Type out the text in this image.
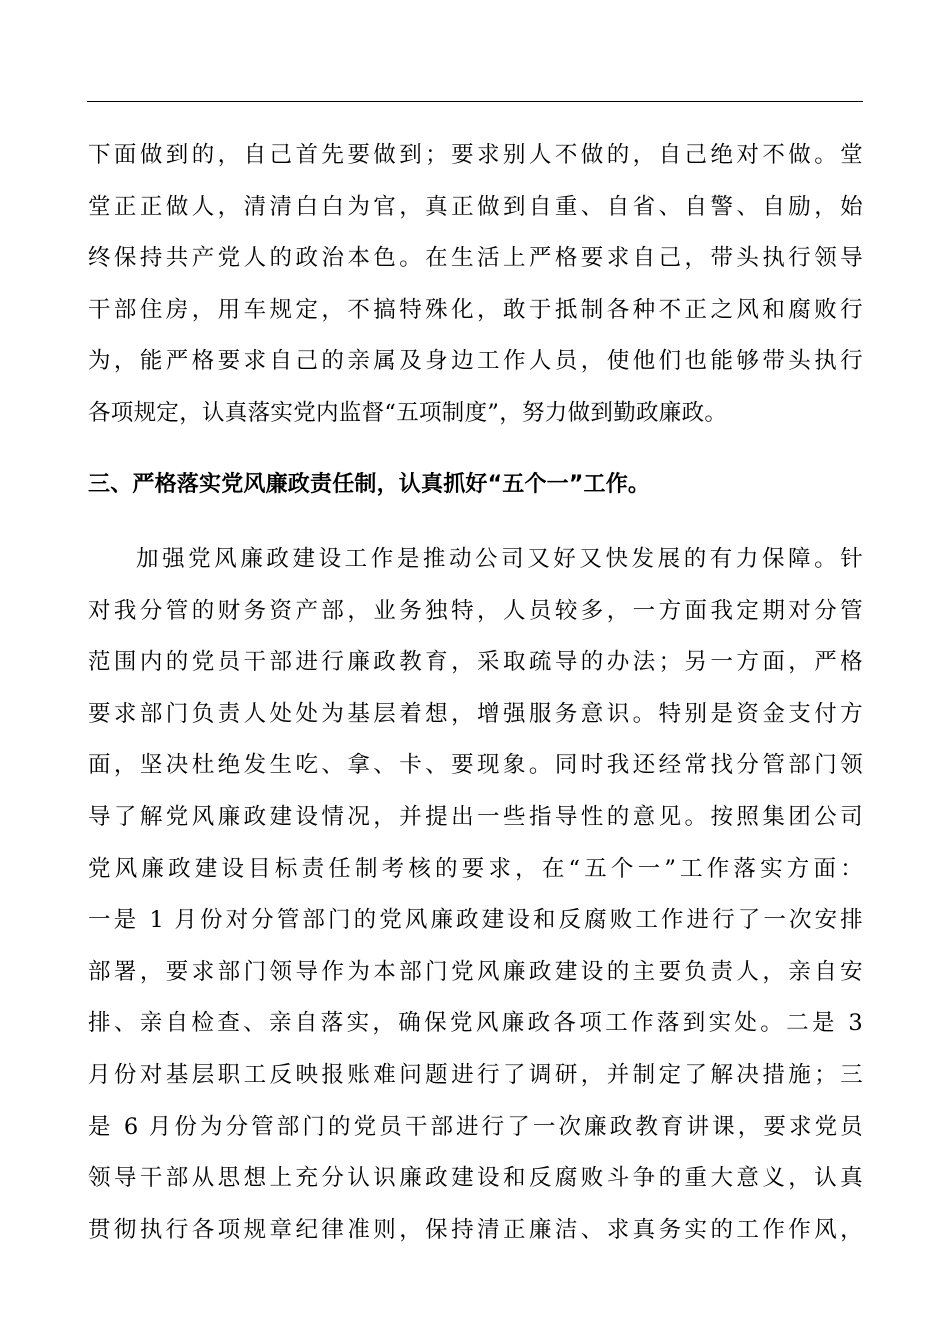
下面做到的，自己首先要做到；要求别人不做的，自己绝对不做。堂
堂正正做人，清清白白为官，真正做到自重、自省、自警、自励，始
终保持共产党人的政治本色。在生活上严格要求自己，带头执行领导
干部住房，用车规定，不搞特殊化，敢于抵制各种不正之风和腐败行
为，能严格要求自己的亲属及身边工作人员，使他们也能够带头执行
各项规定，认真落实党内监督“五项制度”，努力做到勤政廉政。
三、严格落实党风廉政责任制，认真抓好“五个一”工作。
加强党风廉政建设工作是推动公司又好又快发展的有力保障。针
对我分管的财务资产部，业务独特，人员较多，一方面我定期对分管
范围内的党员干部进行廉政教育，采取疏导的办法；另一方面，严格
要求部门负责人处处为基层着想，增强服务意识。特别是资金支付方
面，坚决杜绝发生吃、拿、卡、要现象。同时我还经常找分管部门领
导了解党风廉政建设情况，并提出一些指导性的意见。按照集团公司
党风廉政建设目标责任制考核的要求，在“五个一”工作落实方面：
一是 1 月份对分管部门的党风廉政建设和反腐败工作进行了一次安排
部署，要求部门领导作为本部门党风廉政建设的主要负责人，亲自安
排、亲自检查、亲自落实，确保党风廉政各项工作落到实处。二是 3
月份对基层职工反映报账难问题进行了调研，并制定了解决措施；三
是 6 月份为分管部门的党员干部进行了一次廉政教育讲课，要求党员
领导干部从思想上充分认识廉政建设和反腐败斗争的重大意义，认真
贯彻执行各项规章纪律准则，保持清正廉洁、求真务实的工作作风，
